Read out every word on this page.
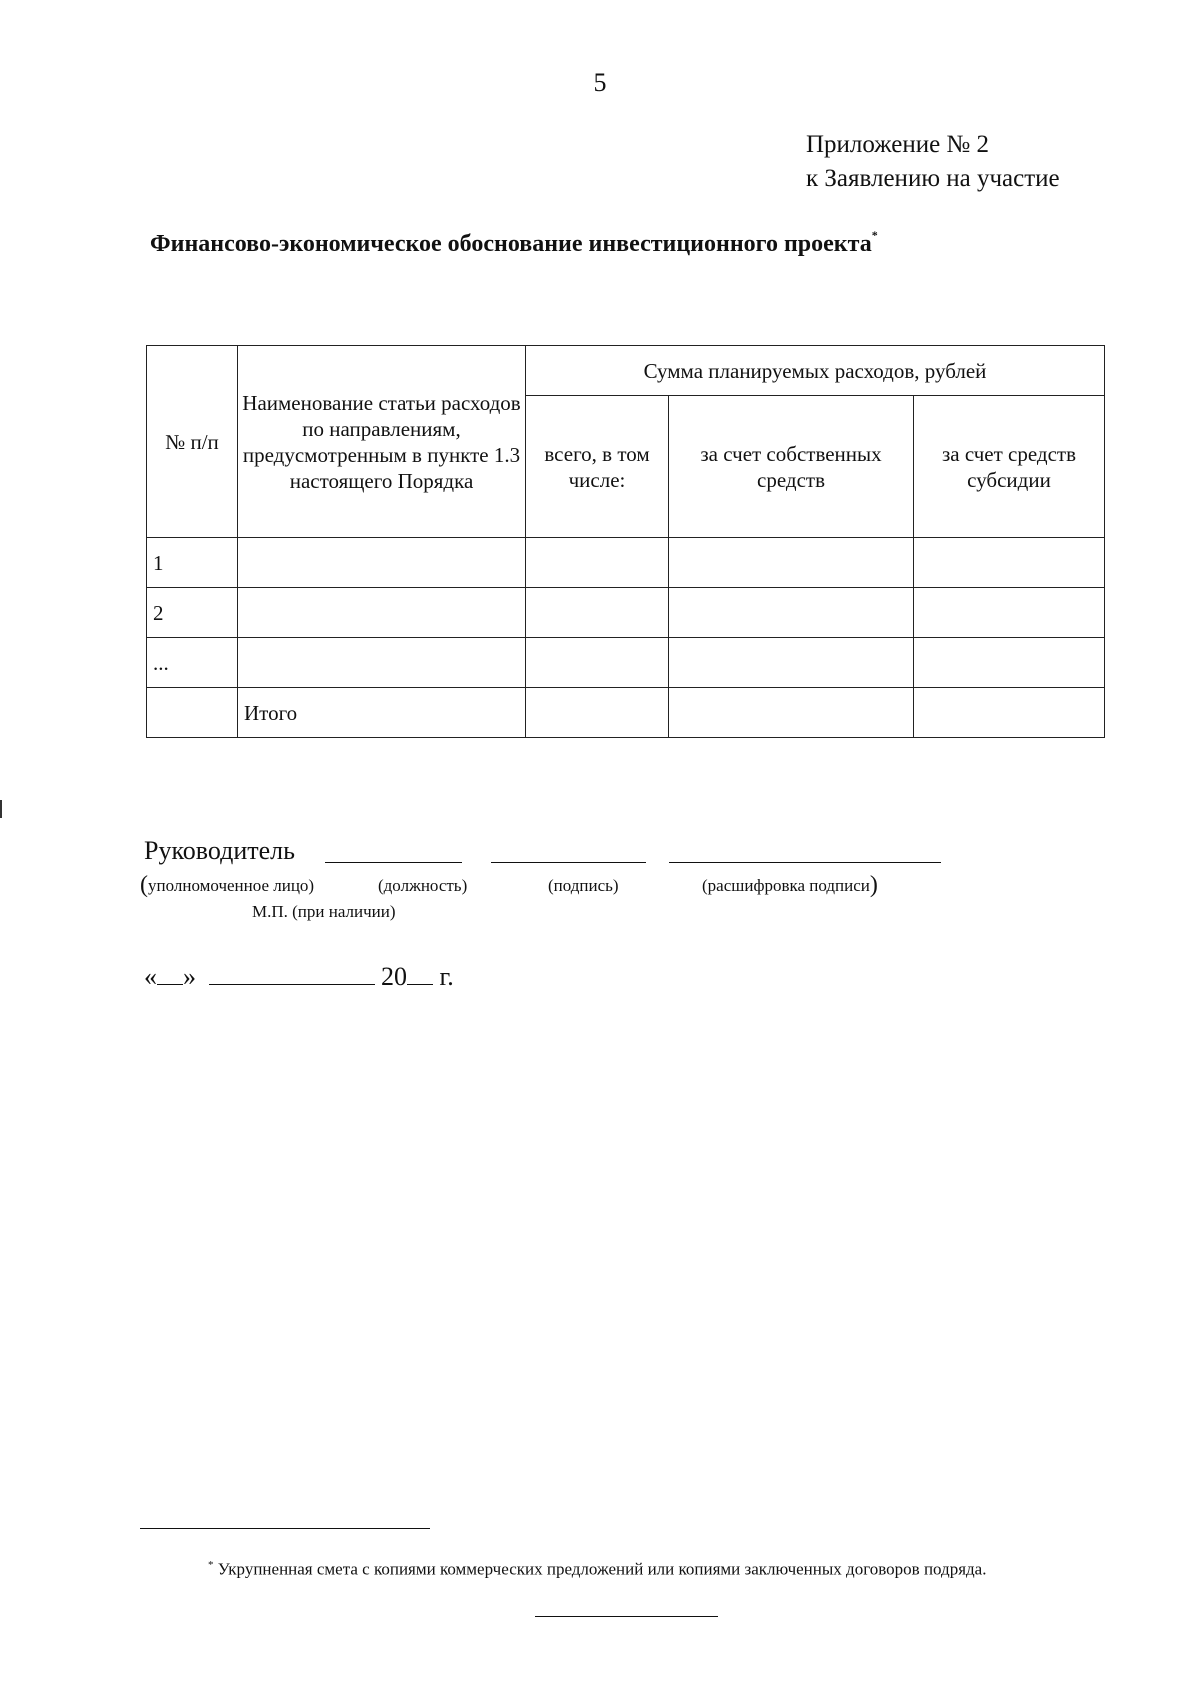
5
Приложение № 2
к Заявлению на участие
Финансово-экономическое обоснование инвестиционного проекта*
№ п/п	Наименование статьи расходов по направлениям, предусмотренным в пункте 1.3 настоящего Порядка	Сумма планируемых расходов, рублей		
		всего, в том числе:	за счет собственных средств	за счет средств субсидии
1				
2				
...				
	Итого			
Руководитель
(уполномоченное лицо)	(должность)	(подпись)	(расшифровка подписи)
М.П. (при наличии)
« »	20 г.
* Укрупненная смета с копиями коммерческих предложений или копиями заключенных договоров подряда.
